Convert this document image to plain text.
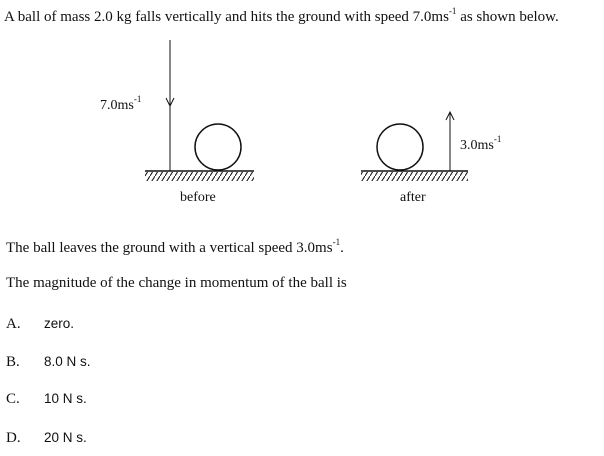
A ball of mass 2.0 kg falls vertically and hits the ground with speed $7.0ms^{-1}$ as shown below.
$7.0ms^{-1}$
$3.0ms^{-1}$
before	after
The ball leaves the ground with a vertical speed $3.0ms^{-1}$.
The magnitude of the change in momentum of the ball is
A. zero.
B. 8.0 N s.
C. 10 N s.
D. 20 N s.
